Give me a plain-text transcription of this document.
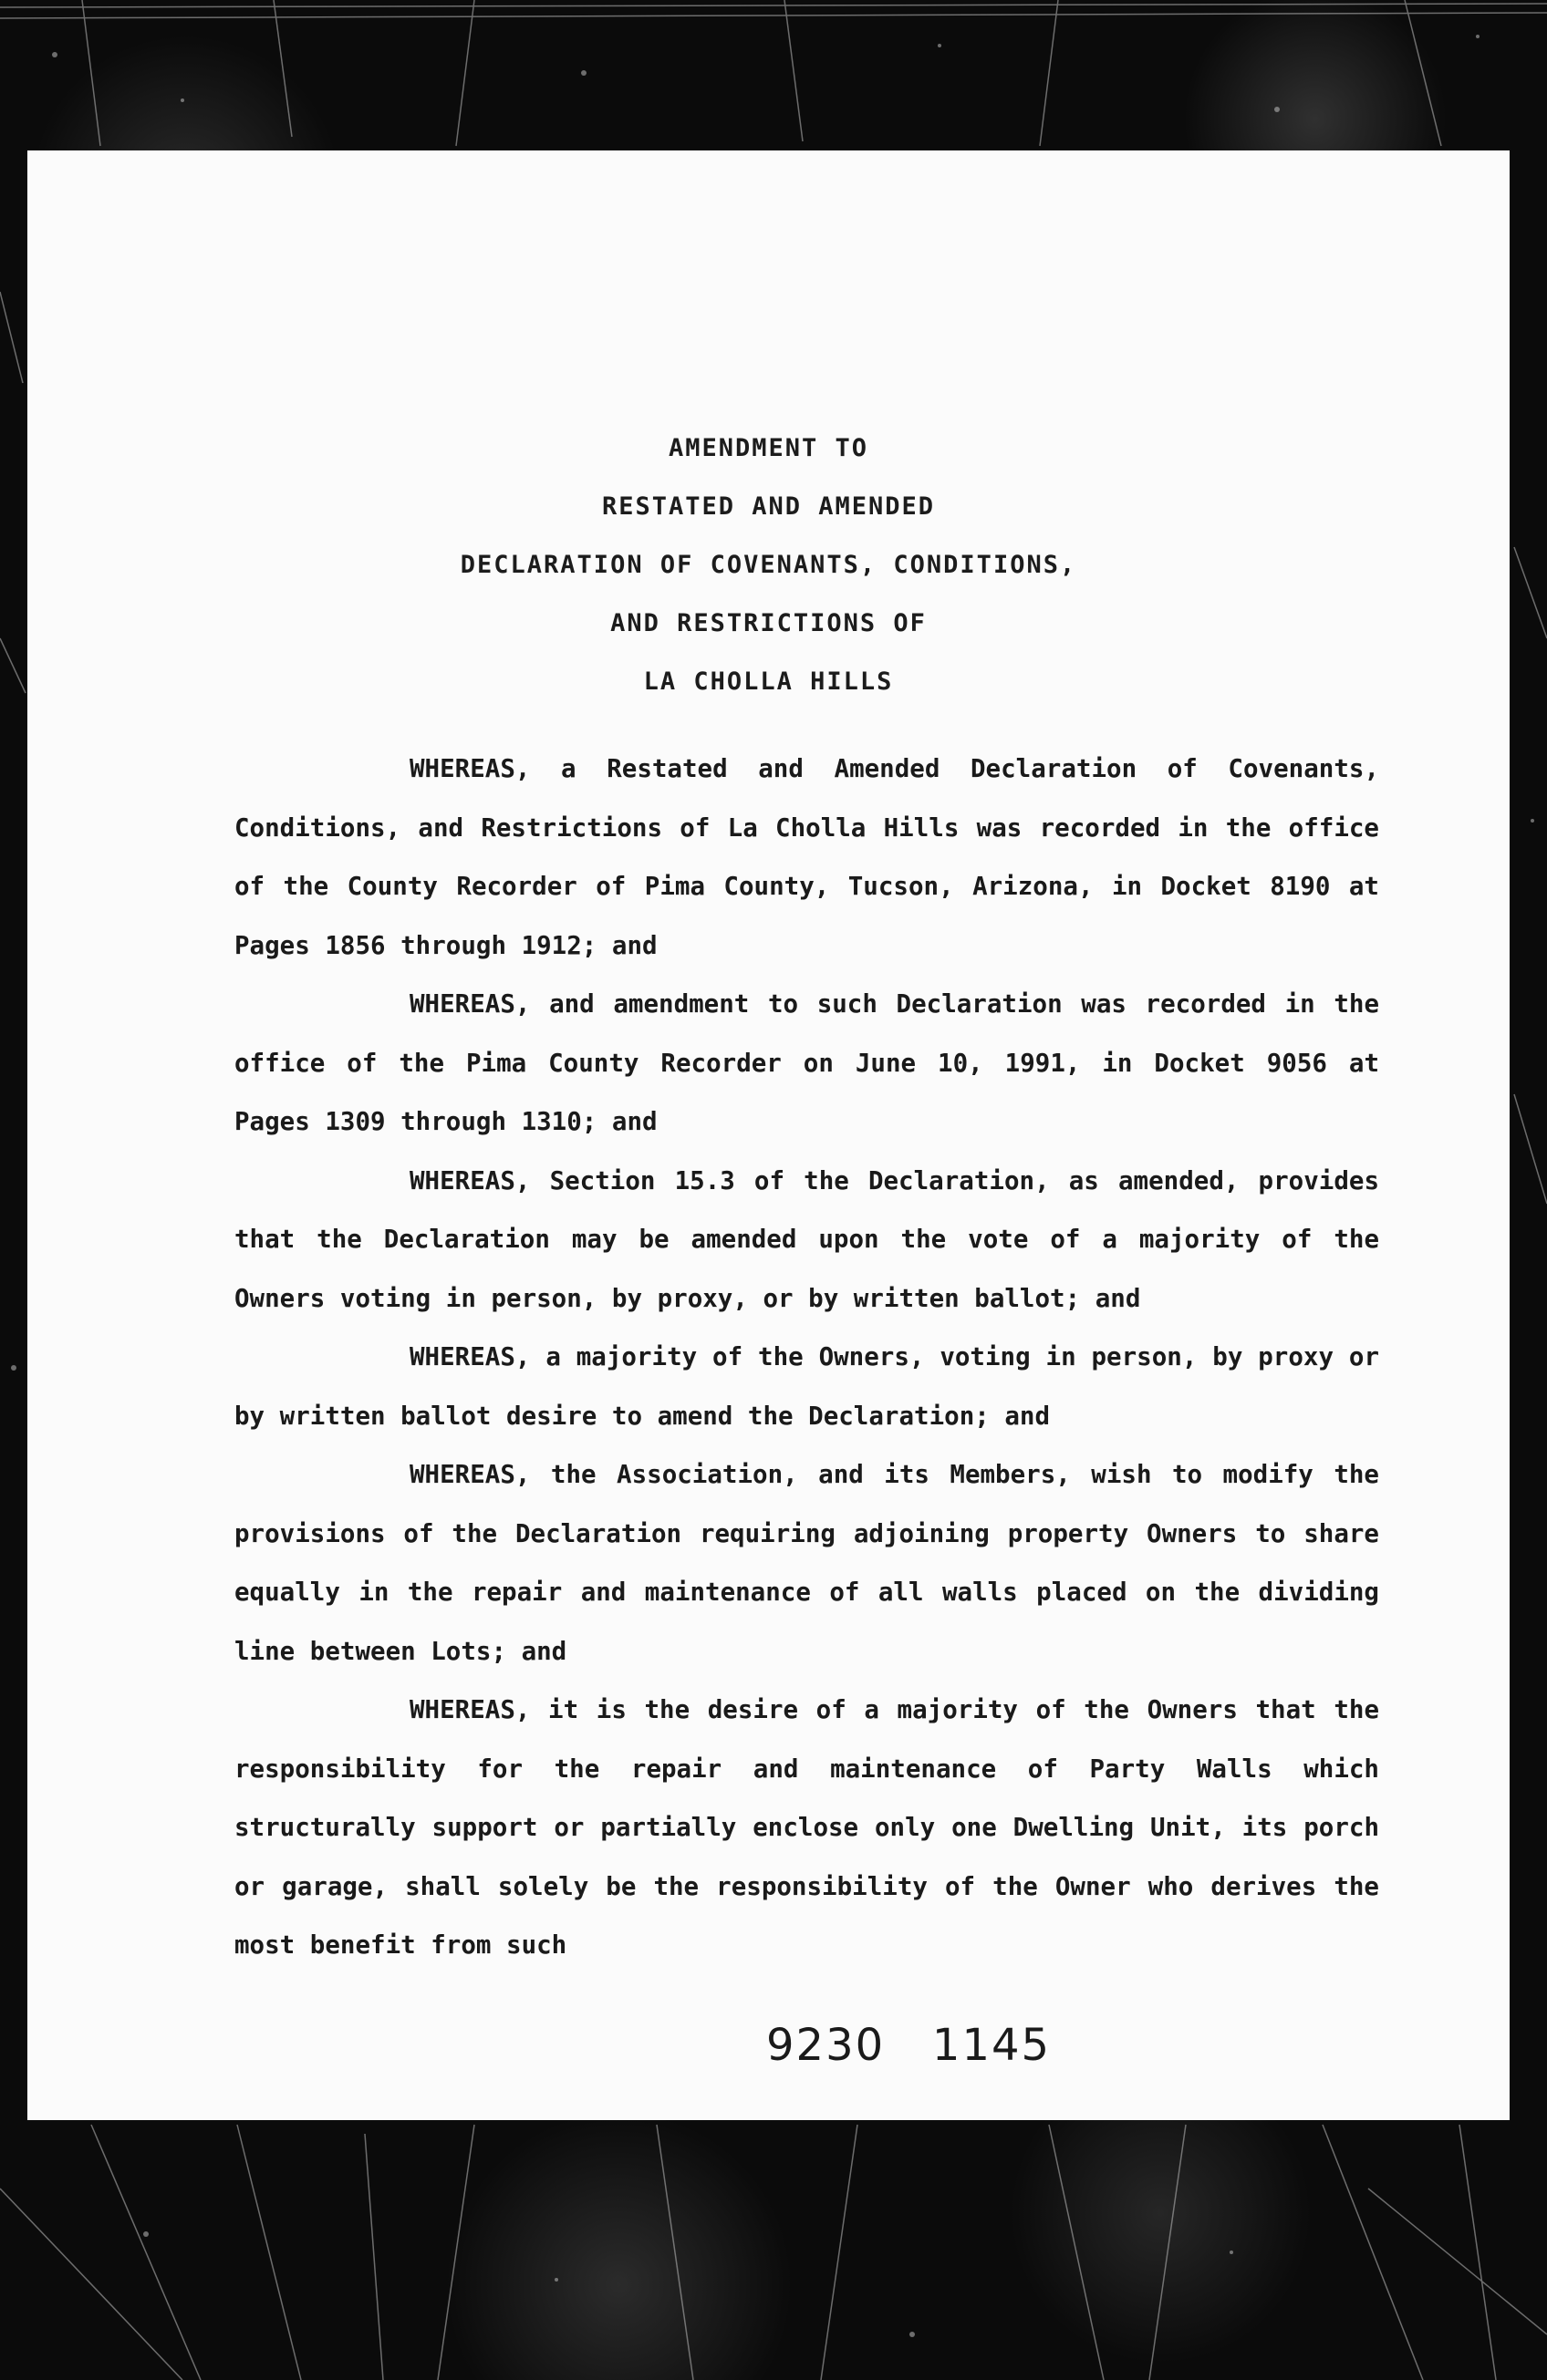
AMENDMENT TO
RESTATED AND AMENDED
DECLARATION OF COVENANTS, CONDITIONS,
AND RESTRICTIONS OF
LA CHOLLA HILLS

WHEREAS, a Restated and Amended Declaration of Covenants, Conditions, and Restrictions of La Cholla Hills was recorded in the office of the County Recorder of Pima County, Tucson, Arizona, in Docket 8190 at Pages 1856 through 1912; and

WHEREAS, and amendment to such Declaration was recorded in the office of the Pima County Recorder on June 10, 1991, in Docket 9056 at Pages 1309 through 1310; and

WHEREAS, Section 15.3 of the Declaration, as amended, provides that the Declaration may be amended upon the vote of a majority of the Owners voting in person, by proxy, or by written ballot; and

WHEREAS, a majority of the Owners, voting in person, by proxy or by written ballot desire to amend the Declaration; and

WHEREAS, the Association, and its Members, wish to modify the provisions of the Declaration requiring adjoining property Owners to share equally in the repair and maintenance of all walls placed on the dividing line between Lots; and

WHEREAS, it is the desire of a majority of the Owners that the responsibility for the repair and maintenance of Party Walls which structurally support or partially enclose only one Dwelling Unit, its porch or garage, shall solely be the responsibility of the Owner who derives the most benefit from such

9230   1145
